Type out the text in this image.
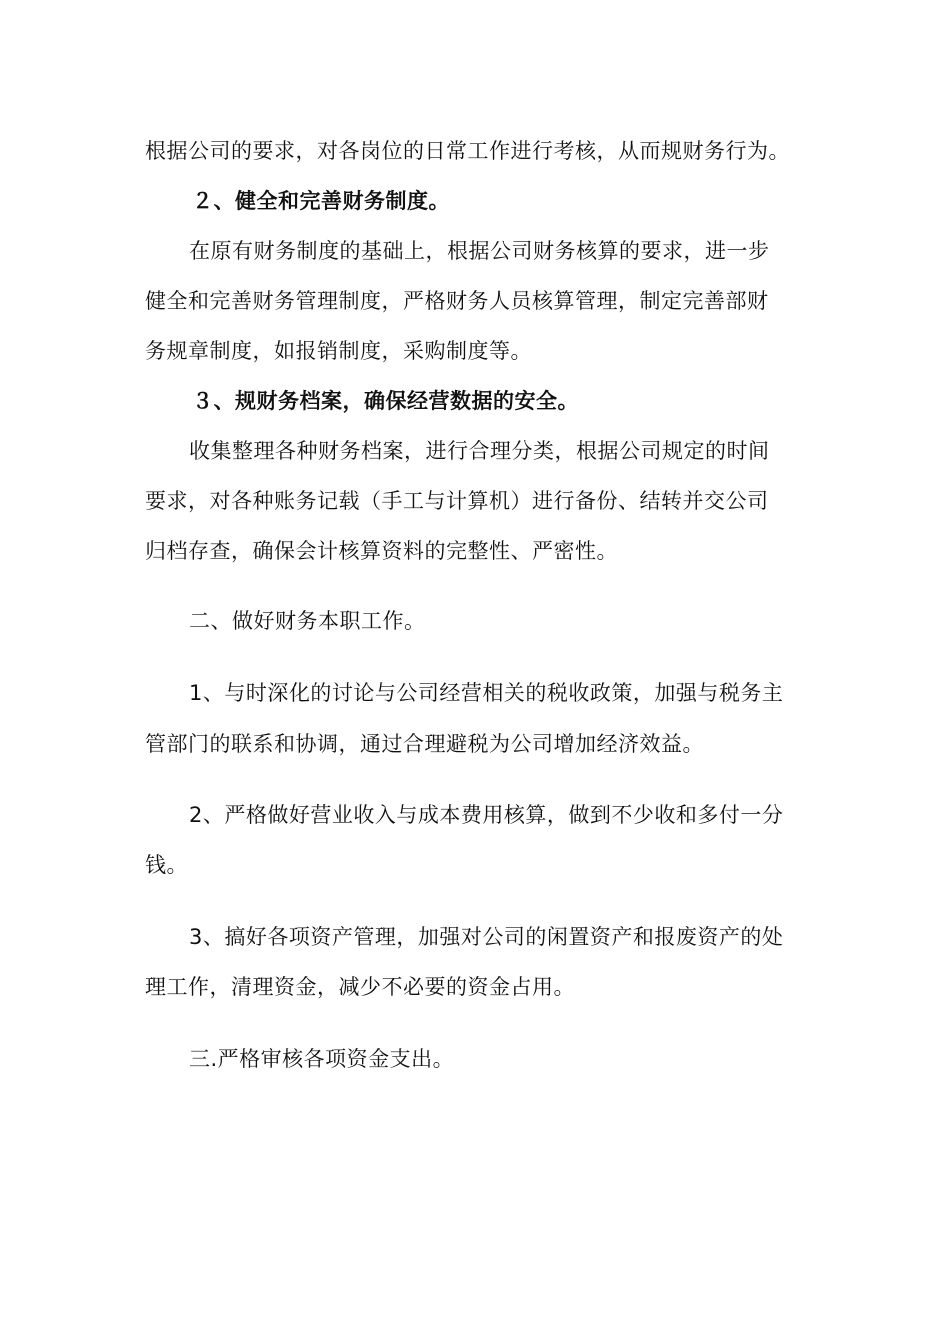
根据公司的要求，对各岗位的日常工作进行考核，从而规财务行为。
２、健全和完善财务制度。
在原有财务制度的基础上，根据公司财务核算的要求，进一步
健全和完善财务管理制度，严格财务人员核算管理，制定完善部财
务规章制度，如报销制度，采购制度等。
３、规财务档案，确保经营数据的安全。
收集整理各种财务档案，进行合理分类，根据公司规定的时间
要求，对各种账务记载（手工与计算机）进行备份、结转并交公司
归档存查，确保会计核算资料的完整性、严密性。
二、做好财务本职工作。
1、与时深化的讨论与公司经营相关的税收政策，加强与税务主
管部门的联系和协调，通过合理避税为公司增加经济效益。
2、严格做好营业收入与成本费用核算，做到不少收和多付一分
钱。
3、搞好各项资产管理，加强对公司的闲置资产和报废资产的处
理工作，清理资金，减少不必要的资金占用。
三.严格审核各项资金支出。
